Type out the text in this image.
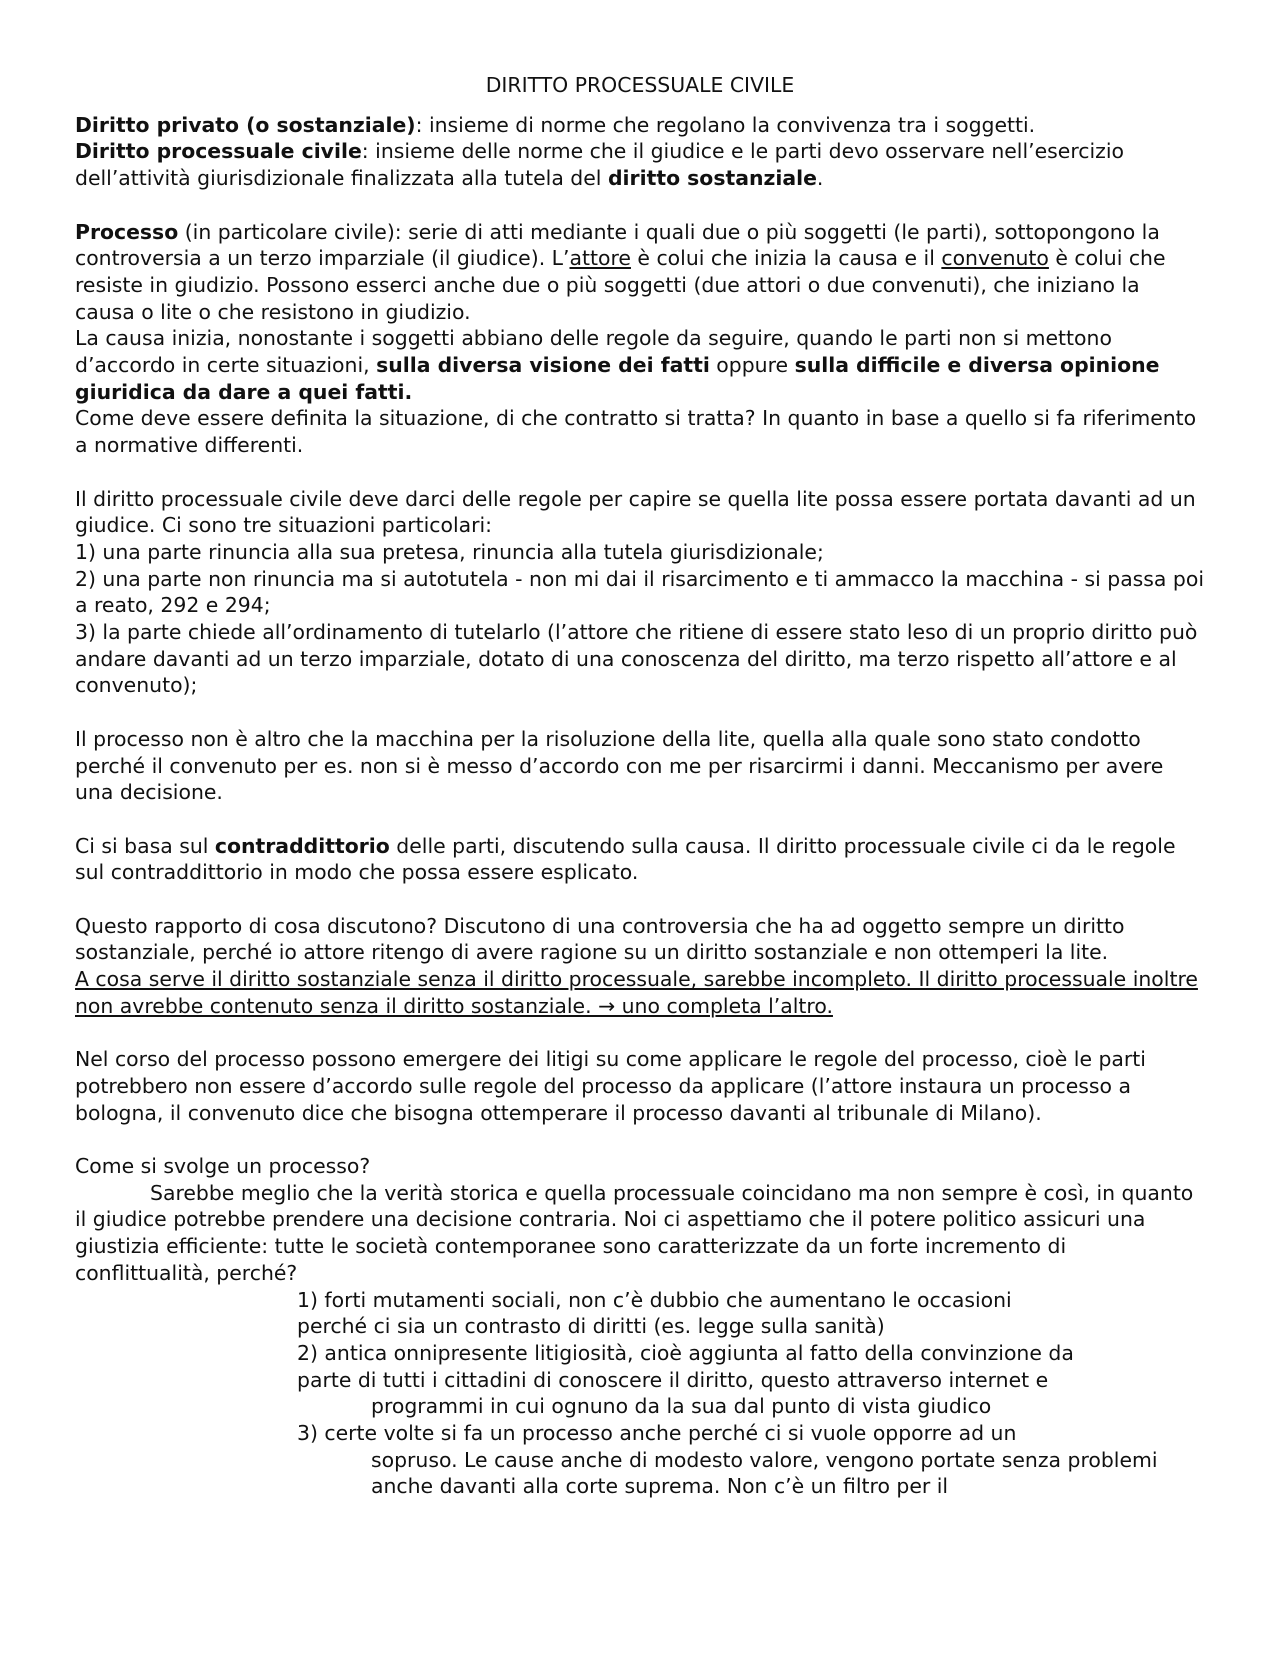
DIRITTO PROCESSUALE CIVILE

Diritto privato (o sostanziale): insieme di norme che regolano la convivenza tra i soggetti.
Diritto processuale civile: insieme delle norme che il giudice e le parti devo osservare nell’esercizio dell’attività giurisdizionale finalizzata alla tutela del diritto sostanziale.

Processo (in particolare civile): serie di atti mediante i quali due o più soggetti (le parti), sottopongono la controversia a un terzo imparziale (il giudice). L’attore è colui che inizia la causa e il convenuto è colui che resiste in giudizio. Possono esserci anche due o più soggetti (due attori o due convenuti), che iniziano la causa o lite o che resistono in giudizio.

La causa inizia, nonostante i soggetti abbiano delle regole da seguire, quando le parti non si mettono d’accordo in certe situazioni, sulla diversa visione dei fatti oppure sulla difficile e diversa opinione giuridica da dare a quei fatti.

Come deve essere definita la situazione, di che contratto si tratta? In quanto in base a quello si fa riferimento a normative differenti.

Il diritto processuale civile deve darci delle regole per capire se quella lite possa essere portata davanti ad un giudice. Ci sono tre situazioni particolari:

1) una parte rinuncia alla sua pretesa, rinuncia alla tutela giurisdizionale;

2) una parte non rinuncia ma si autotutela - non mi dai il risarcimento e ti ammacco la macchina - si passa poi a reato, 292 e 294;

3) la parte chiede all’ordinamento di tutelarlo (l’attore che ritiene di essere stato leso di un proprio diritto può andare davanti ad un terzo imparziale, dotato di una conoscenza del diritto, ma terzo rispetto all’attore e al convenuto);

Il processo non è altro che la macchina per la risoluzione della lite, quella alla quale sono stato condotto perché il convenuto per es. non si è messo d’accordo con me per risarcirmi i danni. Meccanismo per avere una decisione.

Ci si basa sul contraddittorio delle parti, discutendo sulla causa. Il diritto processuale civile ci da le regole sul contraddittorio in modo che possa essere esplicato.

Questo rapporto di cosa discutono? Discutono di una controversia che ha ad oggetto sempre un diritto sostanziale, perché io attore ritengo di avere ragione su un diritto sostanziale e non ottemperi la lite.

A cosa serve il diritto sostanziale senza il diritto processuale, sarebbe incompleto. Il diritto processuale inoltre non avrebbe contenuto senza il diritto sostanziale. → uno completa l’altro.

Nel corso del processo possono emergere dei litigi su come applicare le regole del processo, cioè le parti potrebbero non essere d’accordo sulle regole del processo da applicare (l’attore instaura un processo a bologna, il convenuto dice che bisogna ottemperare il processo davanti al tribunale di Milano).

Come si svolge un processo?

Sarebbe meglio che la verità storica e quella processuale coincidano ma non sempre è così, in quanto il giudice potrebbe prendere una decisione contraria. Noi ci aspettiamo che il potere politico assicuri una giustizia efficiente: tutte le società contemporanee sono caratterizzate da un forte incremento di conflittualità, perché?

1) forti mutamenti sociali, non c’è dubbio che aumentano le occasioni
perché ci sia un contrasto di diritti (es. legge sulla sanità)
2) antica onnipresente litigiosità, cioè aggiunta al fatto della convinzione da
parte di tutti i cittadini di conoscere il diritto, questo attraverso internet e
programmi in cui ognuno da la sua dal punto di vista giudico
3) certe volte si fa un processo anche perché ci si vuole opporre ad un
sopruso. Le cause anche di modesto valore, vengono portate senza problemi anche davanti alla corte suprema. Non c’è un filtro per il
